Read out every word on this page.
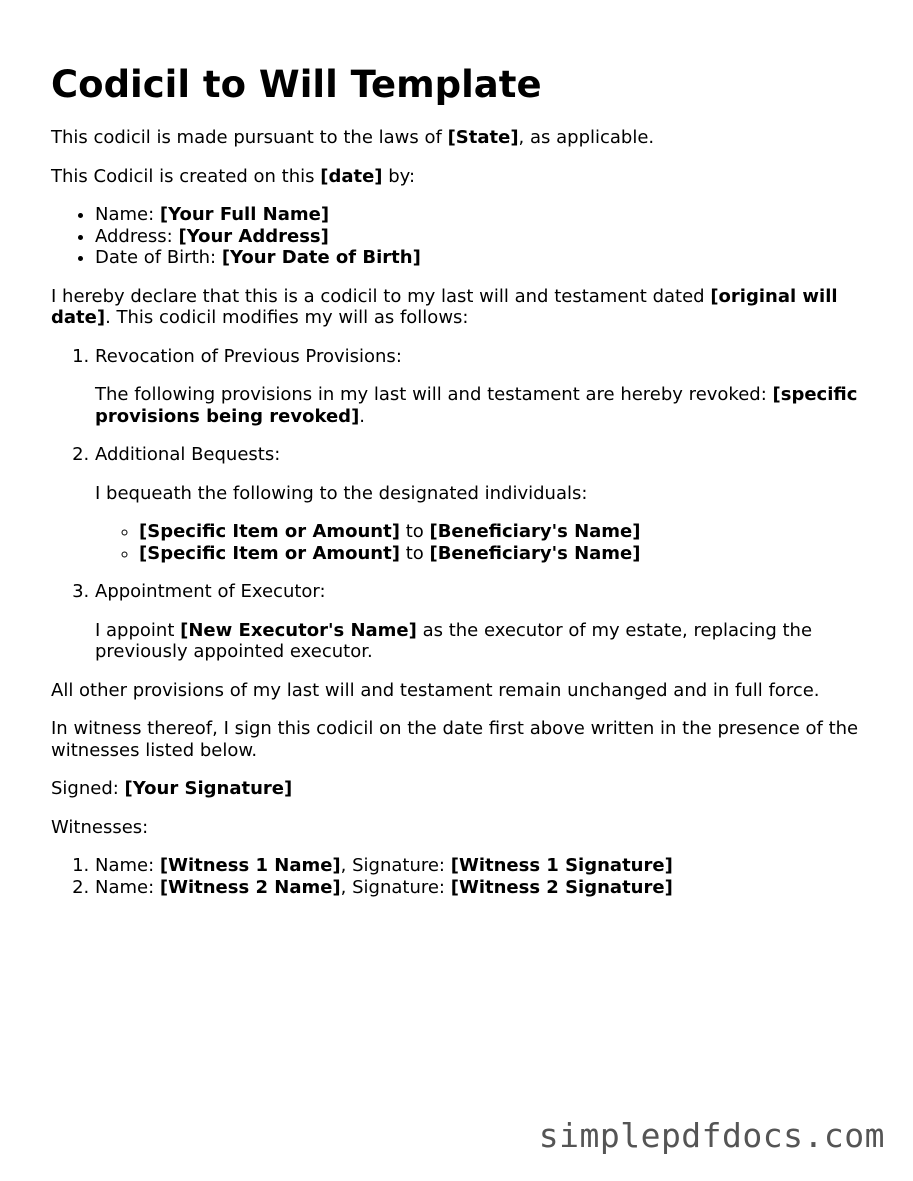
Codicil to Will Template

This codicil is made pursuant to the laws of [State], as applicable.

This Codicil is created on this [date] by:

• Name: [Your Full Name]
• Address: [Your Address]
• Date of Birth: [Your Date of Birth]

I hereby declare that this is a codicil to my last will and testament dated [original will date]. This codicil modifies my will as follows:

1. Revocation of Previous Provisions:

The following provisions in my last will and testament are hereby revoked: [specific provisions being revoked].

2. Additional Bequests:

I bequeath the following to the designated individuals:

◦ [Specific Item or Amount] to [Beneficiary's Name]
◦ [Specific Item or Amount] to [Beneficiary's Name]
3. Appointment of Executor:

I appoint [New Executor's Name] as the executor of my estate, replacing the previously appointed executor.

All other provisions of my last will and testament remain unchanged and in full force.

In witness thereof, I sign this codicil on the date first above written in the presence of the witnesses listed below.

Signed: [Your Signature]

Witnesses:

1. Name: [Witness 1 Name], Signature: [Witness 1 Signature]
2. Name: [Witness 2 Name], Signature: [Witness 2 Signature]
simplepdfdocs.com
